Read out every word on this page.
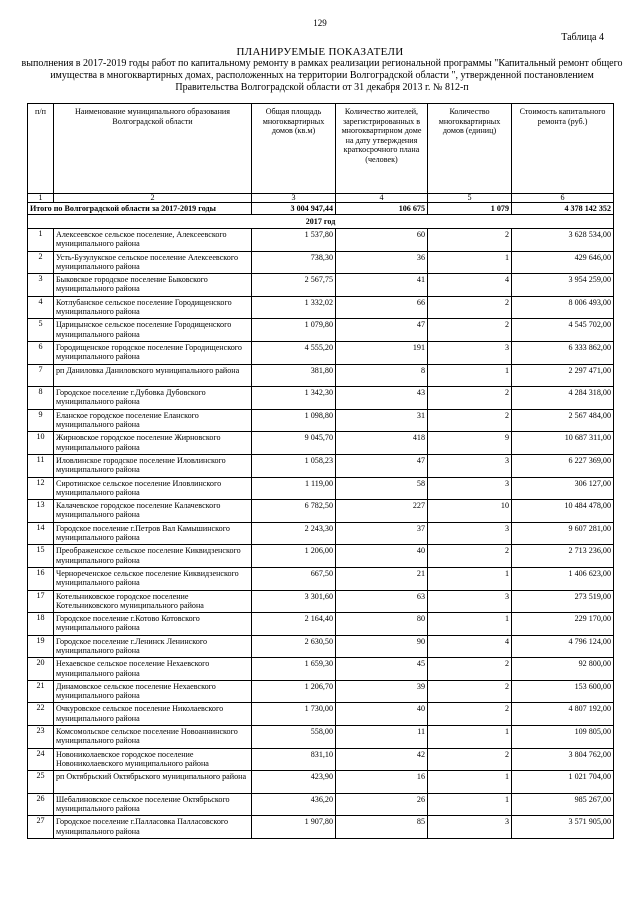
129
Таблица 4
ПЛАНИРУЕМЫЕ ПОКАЗАТЕЛИ
выполнения в 2017-2019 годы работ по капитальному ремонту в рамках реализации региональной программы "Капитальный ремонт общего имущества в многоквартирных домах, расположенных на территории Волгоградской области ", утвержденной постановлением Правительства Волгоградской области от 31 декабря 2013 г. № 812-п
п/п	Наименование муниципального образования Волгоградской области	Общая площадь многоквартирных домов (кв.м)	Количество жителей, зарегистрированных в многоквартирном доме на дату утверждения краткосрочного плана (человек)	Количество многоквартирных домов (единиц)	Стоимость капитального ремонта (руб.)
1	2	3	4	5	6
Итого по Волгоградской области за 2017-2019 годы		3 004 947,44	106 675	1 079	4 378 142 352
2017 год					
1	Алексеевское сельское поселение, Алексеевского муниципального района	1 537,80	60	2	3 628 534,00
2	Усть-Бузулукское сельское поселение Алексеевского муниципального района	738,30	36	1	429 646,00
3	Быковское городское поселение Быковского муниципального района	2 567,75	41	4	3 954 259,00
4	Котлубанское сельское поселение Городищенского муниципального района	1 332,02	66	2	8 006 493,00
5	Царицынское сельское поселение Городищенского муниципального района	1 079,80	47	2	4 545 702,00
6	Городищенское городское поселение Городищенского муниципального района	4 555,20	191	3	6 333 862,00
7	рп Даниловка Даниловского муниципального района	381,80	8	1	2 297 471,00
8	Городское поселение г.Дубовка Дубовского муниципального района	1 342,30	43	2	4 284 318,00
9	Еланское городское поселение Еланского муниципального района	1 098,80	31	2	2 567 484,00
10	Жирновское городское поселение Жирновского муниципального района	9 045,70	418	9	10 687 311,00
11	Иловлинское городское поселение Иловлинского муниципального района	1 058,23	47	3	6 227 369,00
12	Сиротинское сельское поселение Иловлинского муниципального района	1 119,00	58	3	306 127,00
13	Калачевское городское поселение Калачевского муниципального района	6 782,50	227	10	10 484 478,00
14	Городское поселение г.Петров Вал Камышинского муниципального района	2 243,30	37	3	9 607 281,00
15	Преображенское сельское поселение Киквидзенского муниципального района	1 206,00	40	2	2 713 236,00
16	Чернореченское сельское поселение Киквидзенского муниципального района	667,50	21	1	1 406 623,00
17	Котельниковское городское поселение Котельниковского муниципального района	3 301,60	63	3	273 519,00
18	Городское поселение г.Котово Котовского муниципального района	2 164,40	80	1	229 170,00
19	Городское поселение г.Ленинск Ленинского муниципального района	2 630,50	90	4	4 796 124,00
20	Нехаевское сельское поселение Нехаевского муниципального района	1 659,30	45	2	92 800,00
21	Динамовское сельское поселение Нехаевского муниципального района	1 206,70	39	2	153 600,00
22	Очкуровское сельское поселение Николаевского муниципального района	1 730,00	40	2	4 807 192,00
23	Комсомольское сельское поселение Новоаннинского муниципального района	558,00	11	1	109 805,00
24	Новониколаевское городское поселение Новониколаевского муниципального района	831,10	42	2	3 804 762,00
25	рп Октябрьский Октябрьского муниципального района	423,90	16	1	1 021 704,00
26	Шебалиновское сельское поселение Октябрьского муниципального района	436,20	26	1	985 267,00
27	Городское поселение г.Палласовка Палласовского муниципального района	1 907,80	85	3	3 571 905,00
